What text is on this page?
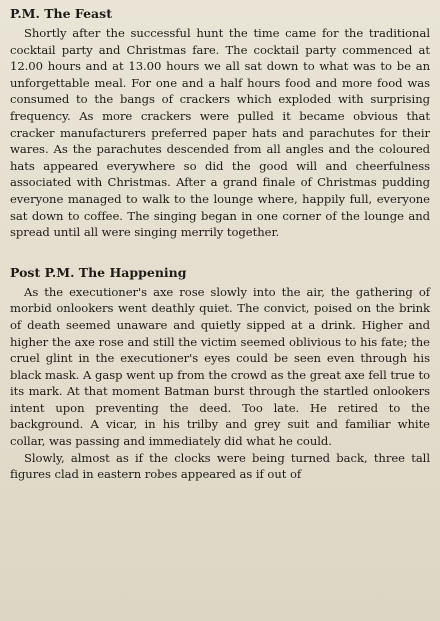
P.M. The Feast

Shortly after the successful hunt the time came for the traditional cocktail party and Christmas fare. The cocktail party commenced at 12.00 hours and at 13.00 hours we all sat down to what was to be an unforgettable meal. For one and a half hours food and more food was consumed to the bangs of crackers which exploded with surprising frequency. As more crackers were pulled it became obvious that cracker manufacturers preferred paper hats and parachutes for their wares. As the parachutes descended from all angles and the coloured hats appeared everywhere so did the good will and cheerfulness associated with Christmas. After a grand finale of Christmas pudding everyone managed to walk to the lounge where, happily full, everyone sat down to coffee. The singing began in one corner of the lounge and spread until all were singing merrily together.

Post P.M. The Happening

As the executioner's axe rose slowly into the air, the gathering of morbid onlookers went deathly quiet. The convict, poised on the brink of death seemed unaware and quietly sipped at a drink. Higher and higher the axe rose and still the victim seemed oblivious to his fate; the cruel glint in the executioner's eyes could be seen even through his black mask. A gasp went up from the crowd as the great axe fell true to its mark. At that moment Batman burst through the startled onlookers intent upon preventing the deed. Too late. He retired to the background. A vicar, in his trilby and grey suit and familiar white collar, was passing and immediately did what he could.

Slowly, almost as if the clocks were being turned back, three tall figures clad in eastern robes appeared as if out of
